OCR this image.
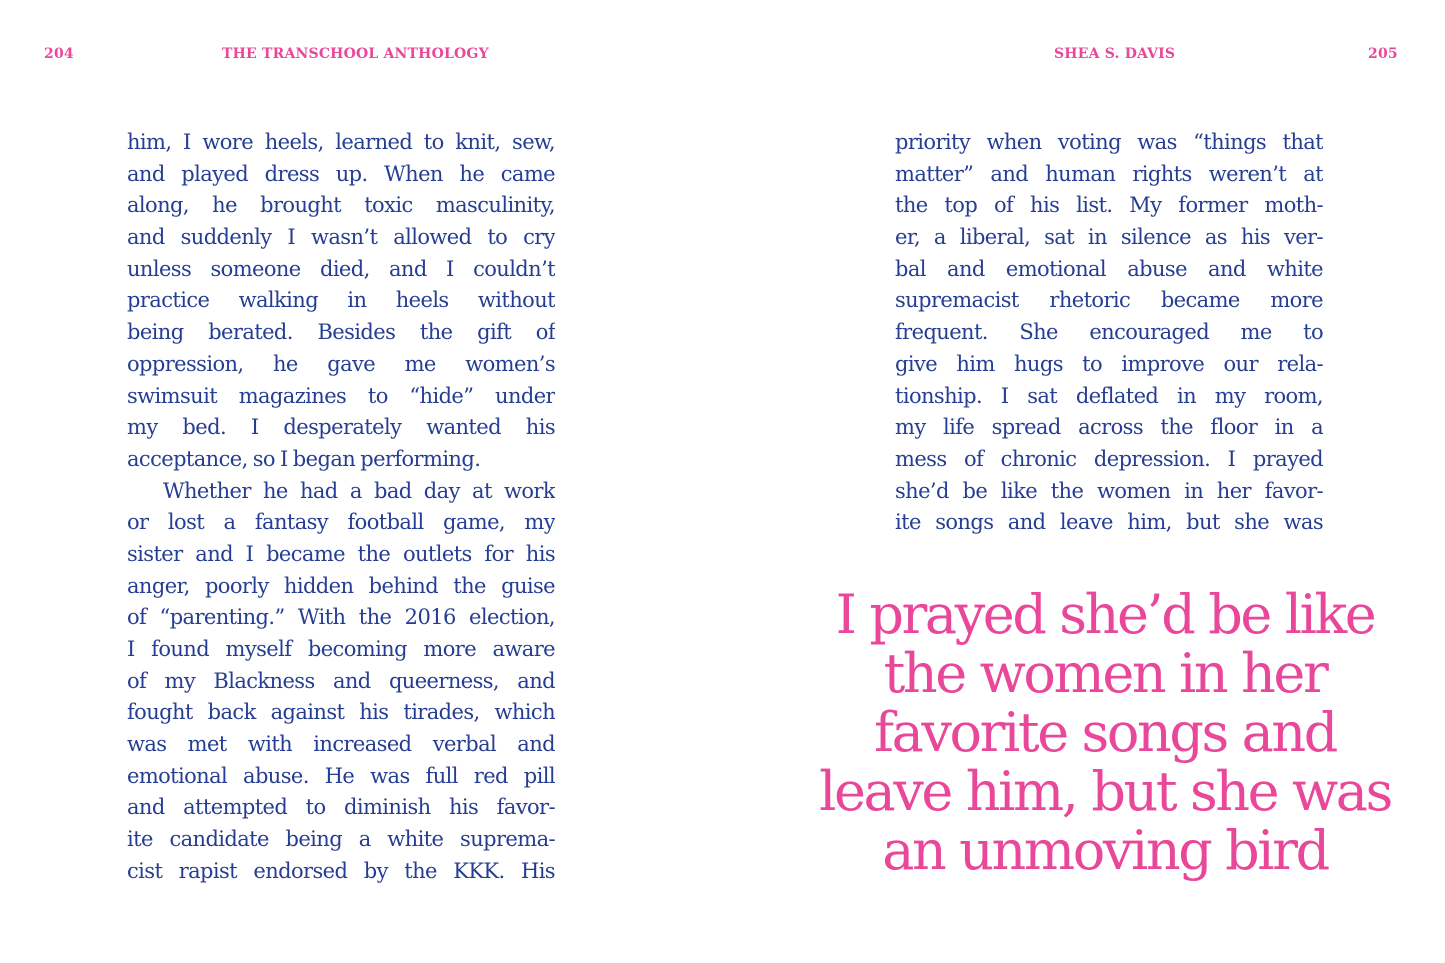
204	THE TRANSCHOOL ANTHOLOGY	SHEA S. DAVIS	205
him, I wore heels, learned to knit, sew,
and played dress up. When he came
along, he brought toxic masculinity,
and suddenly I wasn’t allowed to cry
unless someone died, and I couldn’t
practice walking in heels without
being berated. Besides the gift of
oppression, he gave me women’s
swimsuit magazines to “hide” under
my bed. I desperately wanted his
acceptance, so I began performing.
Whether he had a bad day at work
or lost a fantasy football game, my
sister and I became the outlets for his
anger, poorly hidden behind the guise
of “parenting.” With the 2016 election,
I found myself becoming more aware
of my Blackness and queerness, and
fought back against his tirades, which
was met with increased verbal and
emotional abuse. He was full red pill
and attempted to diminish his favor-
ite candidate being a white suprema-
cist rapist endorsed by the KKK. His
priority when voting was “things that
matter” and human rights weren’t at
the top of his list. My former moth-
er, a liberal, sat in silence as his ver-
bal and emotional abuse and white
supremacist rhetoric became more
frequent. She encouraged me to
give him hugs to improve our rela-
tionship. I sat deflated in my room,
my life spread across the floor in a
mess of chronic depression. I prayed
she’d be like the women in her favor-
ite songs and leave him, but she was
I prayed she’d be like
the women in her
favorite songs and
leave him, but she was
an unmoving bird
